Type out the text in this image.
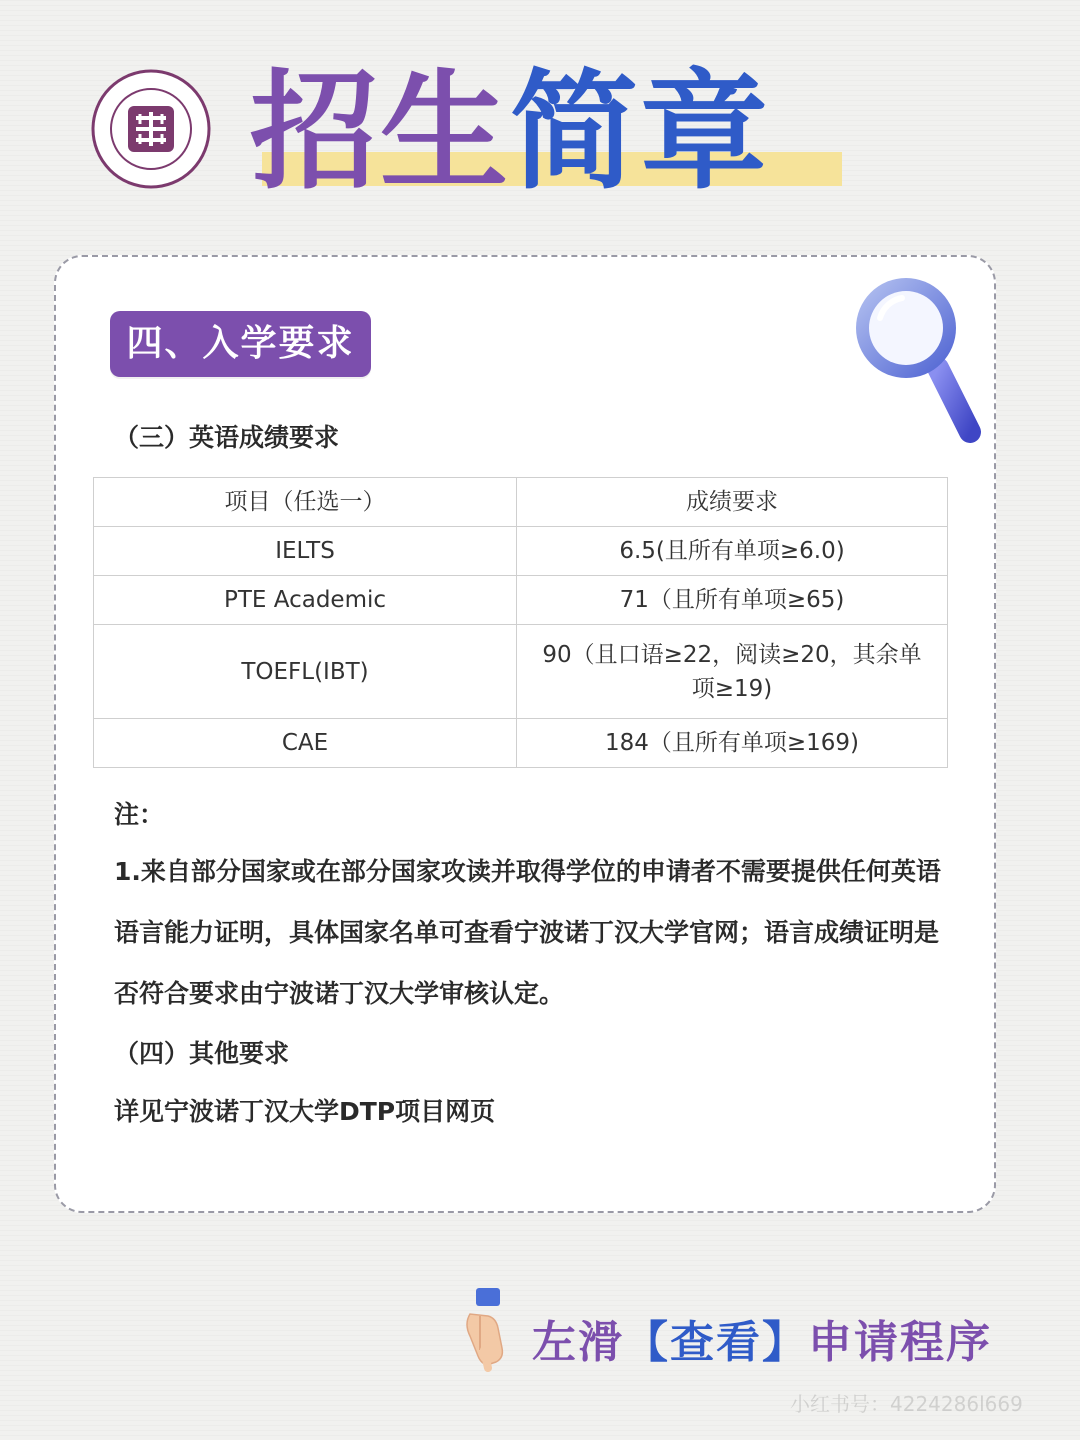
招生 简章
四、入学要求
（三）英语成绩要求
项目（任选一）	成绩要求
IELTS	6.5(且所有单项≥6.0)
PTE Academic	71（且所有单项≥65)
TOEFL(IBT)	90（且口语≥22，阅读≥20，其余单项≥19)
CAE	184（且所有单项≥169)
注：
1.来自部分国家或在部分国家攻读并取得学位的申请者不需要提供任何英语语言能力证明，具体国家名单可查看宁波诺丁汉大学官网；语言成绩证明是否符合要求由宁波诺丁汉大学审核认定。
（四）其他要求
详见宁波诺丁汉大学DTP项目网页
左滑【查看】申请程序
小红书号：4224286l669
